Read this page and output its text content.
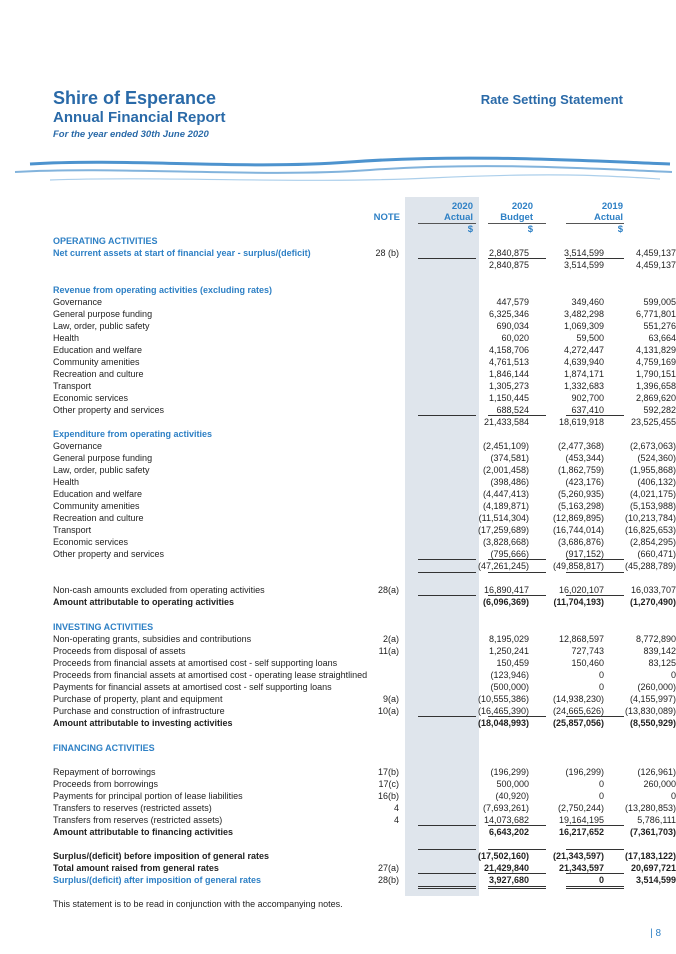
Shire of Esperance
Annual Financial Report
For the year ended 30th June 2020
Rate Setting Statement
2020	2020	2019
NOTE	Actual	Budget	Actual
$	$	$
OPERATING ACTIVITIES
Net current assets at start of financial year - surplus/(deficit)	28 (b)	2,840,875	3,514,599	4,459,137
2,840,875	3,514,599	4,459,137
Revenue from operating activities (excluding rates)
Governance	447,579	349,460	599,005
General purpose funding	6,325,346	3,482,298	6,771,801
Law, order, public safety	690,034	1,069,309	551,276
Health	60,020	59,500	63,664
Education and welfare	4,158,706	4,272,447	4,131,829
Community amenities	4,761,513	4,639,940	4,759,169
Recreation and culture	1,846,144	1,874,171	1,790,151
Transport	1,305,273	1,332,683	1,396,658
Economic services	1,150,445	902,700	2,869,620
Other property and services	688,524	637,410	592,282
21,433,584	18,619,918	23,525,455
Expenditure from operating activities
Governance	(2,451,109)	(2,477,368)	(2,673,063)
General purpose funding	(374,581)	(453,344)	(524,360)
Law, order, public safety	(2,001,458)	(1,862,759)	(1,955,868)
Health	(398,486)	(423,176)	(406,132)
Education and welfare	(4,447,413)	(5,260,935)	(4,021,175)
Community amenities	(4,189,871)	(5,163,298)	(5,153,988)
Recreation and culture	(11,514,304)	(12,869,895)	(10,213,784)
Transport	(17,259,689)	(16,744,014)	(16,825,653)
Economic services	(3,828,668)	(3,686,876)	(2,854,295)
Other property and services	(795,666)	(917,152)	(660,471)
(47,261,245)	(49,858,817)	(45,288,789)
Non-cash amounts excluded from operating activities	28(a)	16,890,417	16,020,107	16,033,707
Amount attributable to operating activities	(6,096,369)	(11,704,193)	(1,270,490)
INVESTING ACTIVITIES
Non-operating grants, subsidies and contributions	2(a)	8,195,029	12,868,597	8,772,890
Proceeds from disposal of assets	11(a)	1,250,241	727,743	839,142
Proceeds from financial assets at amortised cost - self supporting loans	150,459	150,460	83,125
Proceeds from financial assets at amortised cost - operating lease straightlined	(123,946)	0	0
Payments for financial assets at amortised cost - self supporting loans	(500,000)	0	(260,000)
Purchase of property, plant and equipment	9(a)	(10,555,386)	(14,938,230)	(4,155,997)
Purchase and construction of infrastructure	10(a)	(16,465,390)	(24,665,626)	(13,830,089)
Amount attributable to investing activities	(18,048,993)	(25,857,056)	(8,550,929)
FINANCING ACTIVITIES
Repayment of borrowings	17(b)	(196,299)	(196,299)	(126,961)
Proceeds from borrowings	17(c)	500,000	0	260,000
Payments for principal portion of lease liabilities	16(b)	(40,920)	0	0
Transfers to reserves (restricted assets)	4	(7,693,261)	(2,750,244)	(13,280,853)
Transfers from reserves (restricted assets)	4	14,073,682	19,164,195	5,786,111
Amount attributable to financing activities	6,643,202	16,217,652	(7,361,703)
Surplus/(deficit) before imposition of general rates	(17,502,160)	(21,343,597)	(17,183,122)
Total amount raised from general rates	27(a)	21,429,840	21,343,597	20,697,721
Surplus/(deficit) after imposition of general rates	28(b)	3,927,680	0	3,514,599
This statement is to be read in conjunction with the accompanying notes.
| 8
